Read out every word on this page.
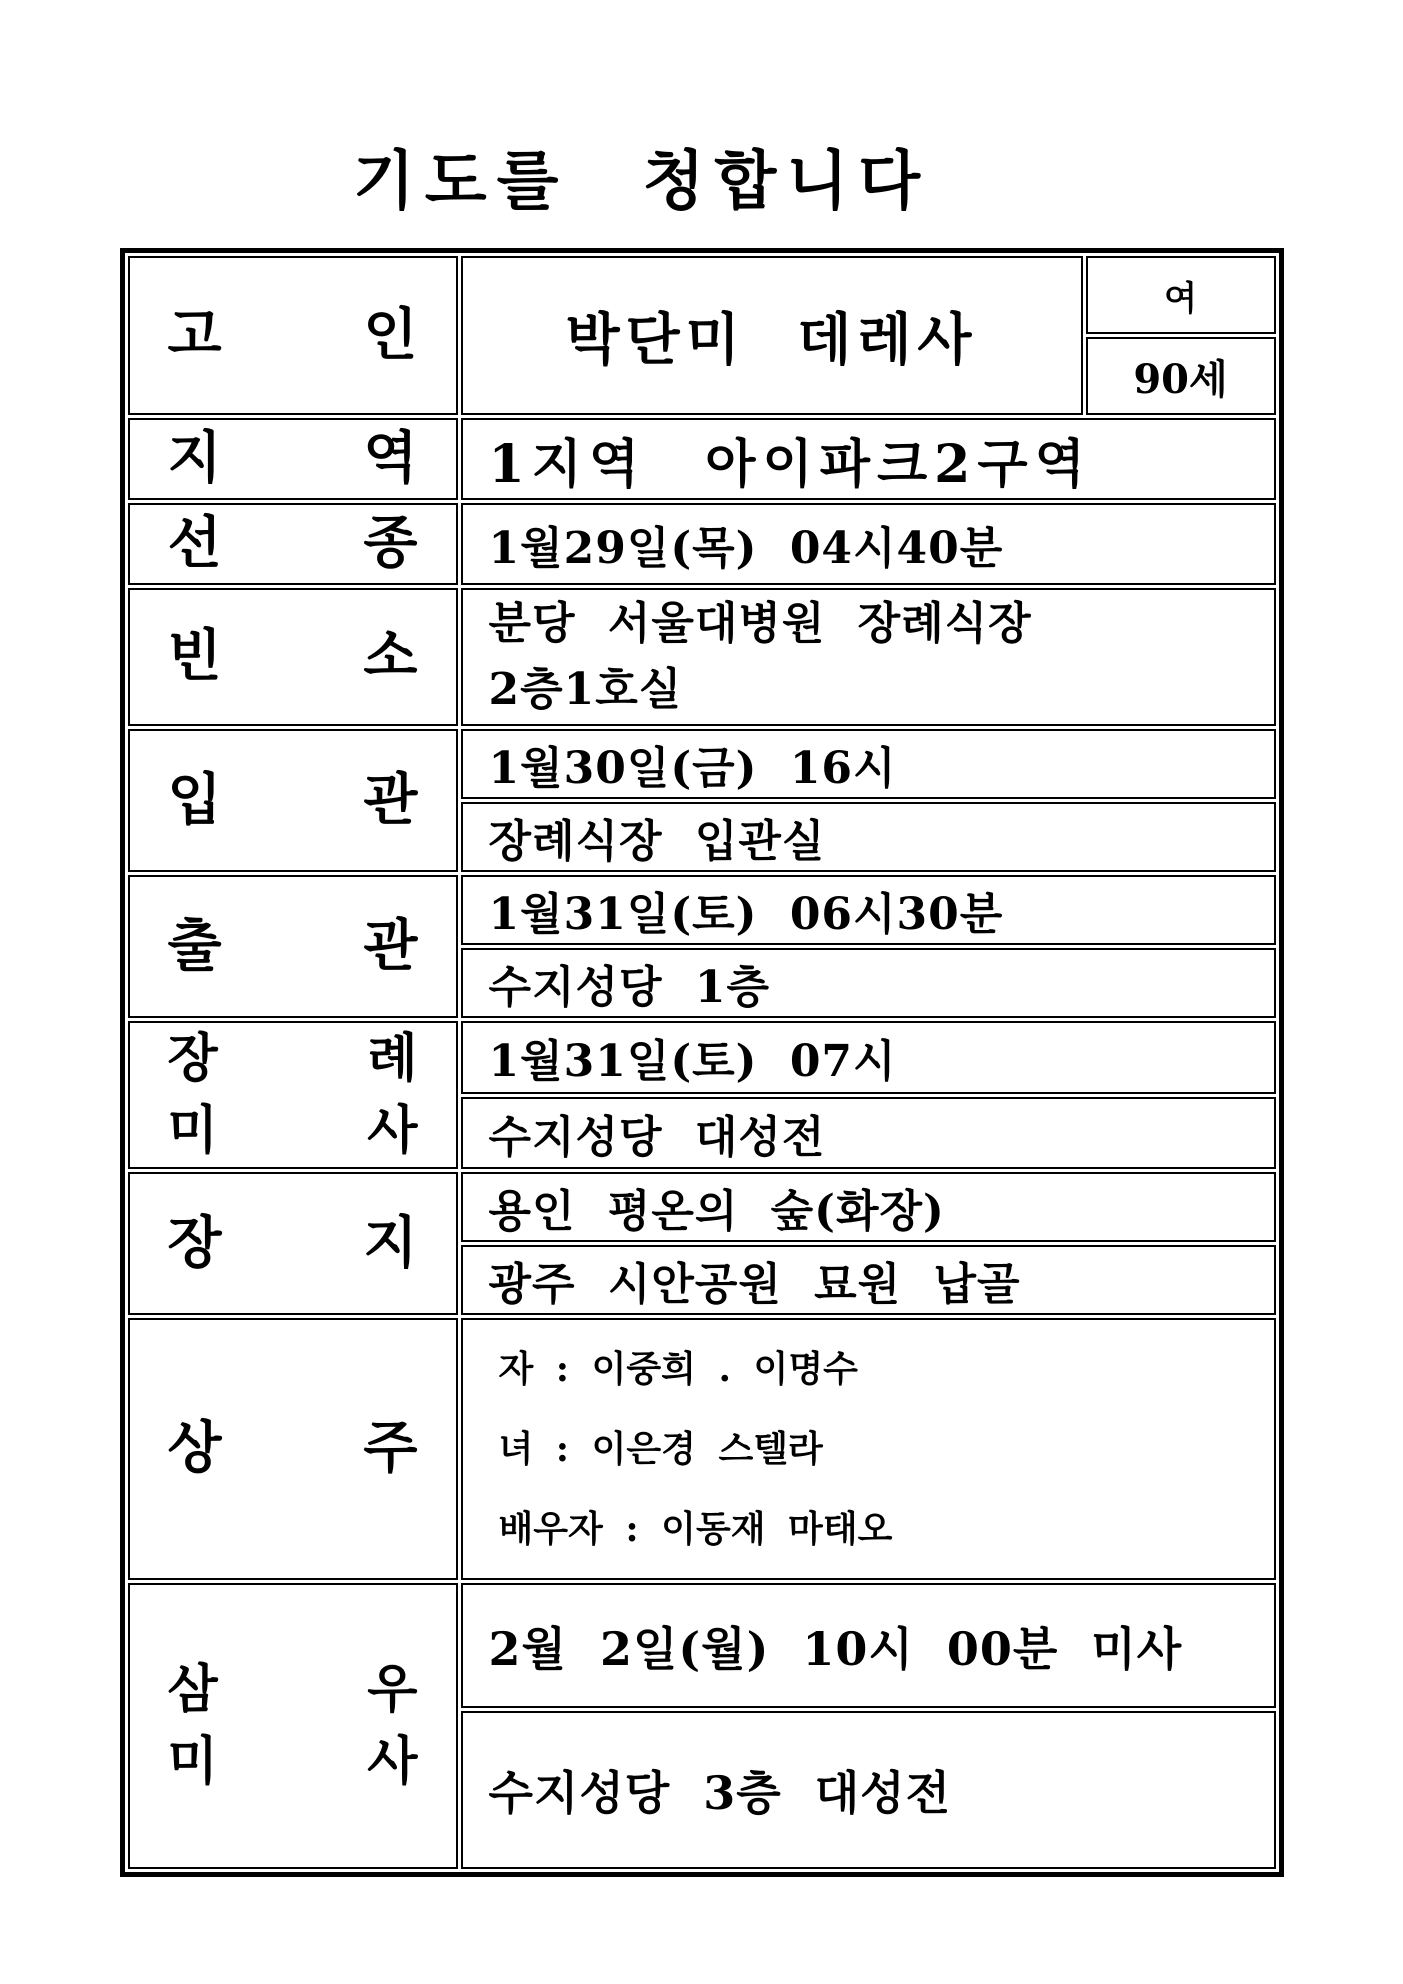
기도를 청합니다
고 인	박단미 데레사	여
		90세

지 역	1지역 아이파크2구역	

선 종	1월29일(목) 04시40분	

빈 소	분당 서울대병원 장례식장
2층1호실	

입 관	1월30일(금) 16시	
	장례식장 입관실	

출 관	1월31일(토) 06시30분	
	수지성당 1층	

장 례
미 사	1월31일(토) 07시	
	수지성당 대성전	

장 지	용인 평온의 숲(화장)	
	광주 시안공원 묘원 납골	

상 주	자 : 이중희 . 이명수
녀 : 이은경 스텔라
배우자 : 이동재 마태오	

삼 우
미 사	2월 2일(월) 10시 00분 미사	
	수지성당 3층 대성전	
